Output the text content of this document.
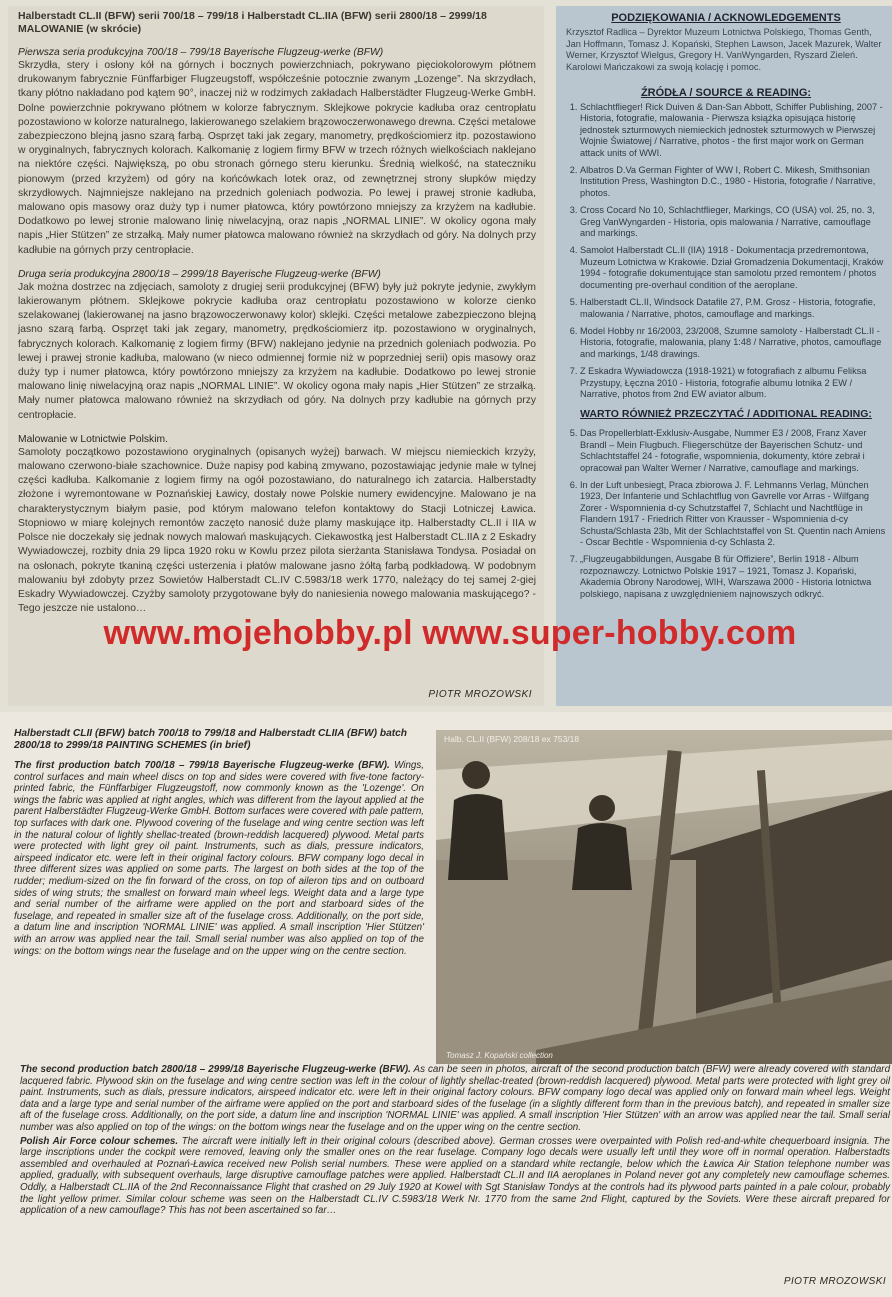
Halberstadt CL.II (BFW) serii 700/18 – 799/18 i Halberstadt CL.IIA (BFW) serii 2800/18 – 2999/18
MALOWANIE (w skrócie)
Pierwsza seria produkcyjna 700/18 – 799/18 Bayerische Flugzeug-werke (BFW)

Skrzydła, stery i osłony kół na górnych i bocznych powierzchniach, pokrywano pięciokolorowym płótnem drukowanym fabrycznie Fünffarbiger Flugzeugstoff, współcześnie potocznie zwanym „Lozenge”. Na skrzydłach, tkany płótno nakładano pod kątem 90°, inaczej niż w rodzimych zakładach Halberstädter Flugzeug-Werke GmbH. Dolne powierzchnie pokrywano płótnem w kolorze fabrycznym. Sklejkowe pokrycie kadłuba oraz centropłatu pozostawiono w kolorze naturalnego, lakierowanego szelakiem brązowoczerwonawego drewna. Części metalowe zabezpieczono blejną jasno szarą farbą. Osprzęt taki jak zegary, manometry, prędkościomierz itp. pozostawiono w oryginalnych, fabrycznych kolorach. Kalkomanię z logiem firmy BFW w trzech różnych wielkościach naklejano na niektóre części. Największą, po obu stronach górnego steru kierunku. Średnią wielkość, na stateczniku pionowym (przed krzyżem) od góry na końcówkach lotek oraz, od zewnętrznej strony słupków między skrzydłowych. Najmniejsze naklejano na przednich goleniach podwozia. Po lewej i prawej stronie kadłuba, malowano opis masowy oraz duży typ i numer płatowca, który powtórzono mniejszy za krzyżem na kadłubie. Dodatkowo po lewej stronie malowano linię niwelacyjną, oraz napis „NORMAL LINIE”. W okolicy ogona mały napis „Hier Stützen” ze strzałką. Mały numer płatowca malowano również na skrzydłach od góry. Na dolnych przy kadłubie na górnych przy centropłacie.

Druga seria produkcyjna 2800/18 – 2999/18 Bayerische Flugzeug-werke (BFW)

Jak można dostrzec na zdjęciach, samoloty z drugiej serii produkcyjnej (BFW) były już pokryte jedynie, zwykłym lakierowanym płótnem. Sklejkowe pokrycie kadłuba oraz centropłatu pozostawiono w kolorze cienko szelakowanej (lakierowanej na jasno brązowoczerwonawy kolor) sklejki. Części metalowe zabezpieczono blejną jasno szarą farbą. Osprzęt taki jak zegary, manometry, prędkościomierz itp. pozostawiono w oryginalnych, fabrycznych kolorach. Kalkomanię z logiem firmy (BFW) naklejano jedynie na przednich goleniach podwozia. Po lewej i prawej stronie kadłuba, malowano (w nieco odmiennej formie niż w poprzedniej serii) opis masowy oraz duży typ i numer płatowca, który powtórzono mniejszy za krzyżem na kadłubie. Dodatkowo po lewej stronie malowano linię niwelacyjną oraz napis „NORMAL LINIE”. W okolicy ogona mały napis „Hier Stützen” ze strzałką. Mały numer płatowca malowano również na skrzydłach od góry. Na dolnych przy kadłubie na górnych przy centropłacie.

Malowanie w Lotnictwie Polskim.

Samoloty początkowo pozostawiono oryginalnych (opisanych wyżej) barwach. W miejscu niemieckich krzyży, malowano czerwono-białe szachownice. Duże napisy pod kabiną zmywano, pozostawiając jedynie małe w tylnej części kadłuba. Kalkomanie z logiem firmy na ogół pozostawiano, do naturalnego ich zatarcia. Halberstadty złożone i wyremontowane w Poznańskiej Ławicy, dostały nowe Polskie numery ewidencyjne. Malowano je na charakterystycznym białym pasie, pod którym malowano telefon kontaktowy do Stacji Lotniczej Ławica. Stopniowo w miarę kolejnych remontów zaczęto nanosić duże plamy maskujące itp. Halberstadty CL.II i IIA w Polsce nie doczekały się jednak nowych malowań maskujących. Ciekawostką jest Halberstadt CL.IIA z 2 Eskadry Wywiadowczej, rozbity dnia 29 lipca 1920 roku w Kowlu przez pilota sierżanta Stanisława Tondysa. Posiadał on na osłonach, pokryte tkaniną części usterzenia i płatów malowane jasno żółtą farbą podkładową. W podobnym malowaniu był zdobyty przez Sowietów Halberstadt CL.IV C.5983/18 werk 1770, należący do tej samej 2-giej Eskadry Wywiadowczej. Czyżby samoloty przygotowane były do naniesienia nowego malowania maskującego? - Tego jeszcze nie ustalono…

PIOTR MROZOWSKI
PODZIĘKOWANIA / ACKNOWLEDGEMENTS
Krzysztof Radlica – Dyrektor Muzeum Lotnictwa Polskiego, Thomas Genth, Jan Hoffmann, Tomasz J. Kopański, Stephen Lawson, Jacek Mazurek, Walter Werner, Krzysztof Wielgus, Gregory H. VanWyngarden, Ryszard Zieleń. Karolowi Mańczakowi za swoją kolację i pomoc.
ŹRÓDŁA / SOURCE & READING:
1. Schlachtflieger! Rick Duiven & Dan-San Abbott, Schiffer Publishing, 2007 - Historia, fotografie, malowania - Pierwsza książka opisująca historię jednostek szturmowych niemieckich jednostek szturmowych w Pierwszej Wojnie Światowej / Narrative, photos - the first major work on German attack units of WWI.
2. Albatros D.Va German Fighter of WW I, Robert C. Mikesh, Smithsonian Institution Press, Washington D.C., 1980 - Historia, fotografie / Narrative, photos.
3. Cross Cocard No 10, Schlachtflieger, Markings, CO (USA) vol. 25, no. 3, Greg VanWyngarden - Historia, opis malowania / Narrative, camouflage and markings.
4. Samolot Halberstadt CL.II (IIA) 1918 - Dokumentacja przedremontowa, Muzeum Lotnictwa w Krakowie. Dział Gromadzenia Dokumentacji, Kraków 1994 - fotografie dokumentujące stan samolotu przed remontem / photos documenting pre-overhaul condition of the aeroplane.
5. Halberstadt CL.II, Windsock Datafile 27, P.M. Grosz - Historia, fotografie, malowania / Narrative, photos, camouflage and markings.
6. Model Hobby nr 16/2003, 23/2008, Szumne samoloty - Halberstadt CL.II - Historia, fotografie, malowania, plany 1:48 / Narrative, photos, camouflage and markings, 1/48 drawings.
7. Z Eskadra Wywiadowcza (1918-1921) w fotografiach z albumu Feliksa Przystupy, Łęczna 2010 - Historia, fotografie albumu lotnika 2 EW / Narrative, photos from 2nd EW aviator album.
WARTO RÓWNIEŻ PRZECZYTAĆ / ADDITIONAL READING:
5. Das Propellerblatt-Exklusiv-Ausgabe, Nummer E3 / 2008, Franz Xaver Brandl – Mein Flugbuch. Fliegerschütze der Bayerischen Schutz- und Schlachtstaffel 24 - fotografie, wspomnienia, dokumenty, które zebrał i opracował pan Walter Werner / Narrative, camouflage and markings.
6. In der Luft unbesiegt, Praca zbiorowa J. F. Lehmanns Verlag, München 1923, Der Infanterie und Schlachtflug von Gavrelle vor Arras - Wilfgang Zorer - Wspomnienia d-cy Schutzstaffel 7, Schlacht und Nachtflüge in Flandern 1917 - Friedrich Ritter von Krausser - Wspomnienia d-cy Schusta/Schlasta 23b, Mit der Schlachtstaffel von St. Quentin nach Amiens - Oscar Bechtle - Wspomnienia d-cy Schlasta 2.
7. „Flugzeugabbildungen, Ausgabe B für Offiziere”, Berlin 1918 - Album rozpoznawczy. Lotnictwo Polskie 1917 – 1921, Tomasz J. Kopański, Akademia Obrony Narodowej, WIH, Warszawa 2000 - Historia lotnictwa polskiego, napisana z uwzględnieniem najnowszych odkryć.
www.mojehobby.pl www.super-hobby.com
Halberstadt CLII (BFW) batch 700/18 to 799/18 and Halberstadt CLIIA (BFW) batch 2800/18 to 2999/18 PAINTING SCHEMES (in brief)

The first production batch 700/18 – 799/18 Bayerische Flugzeug-werke (BFW). Wings, control surfaces and main wheel discs on top and sides were covered with five-tone factory-printed fabric, the Fünffarbiger Flugzeugstoff, now commonly known as the 'Lozenge'. On wings the fabric was applied at right angles, which was different from the layout applied at the parent Halberstädter Flugzeug-Werke GmbH. Bottom surfaces were covered with pale pattern, top surfaces with dark one. Plywood covering of the fuselage and wing centre section was left in the natural colour of lightly shellac-treated (brown-reddish lacquered) plywood. Metal parts were protected with light grey oil paint. Instruments, such as dials, pressure indicators, airspeed indicator etc. were left in their original factory colours. BFW company logo decal in three different sizes was applied on some parts. The largest on both sides at the top of the rudder; medium-sized on the fin forward of the cross, on top of aileron tips and on outboard sides of wing struts; the smallest on forward main wheel legs. Weight data and a large type and serial number of the airframe were applied on the port and starboard sides of the fuselage, and repeated in smaller size aft of the fuselage cross. Additionally, on the port side, a datum line and inscription 'NORMAL LINIE' was applied. A small inscription 'Hier Stützen' with an arrow was applied near the tail. Small serial number was also applied on top of the wings: on the bottom wings near the fuselage and on the upper wing on the centre section.

Halb. CL.II (BFW) 208/18 ex 753/18
Tomasz J. Kopański collection

The second production batch 2800/18 – 2999/18 Bayerische Flugzeug-werke (BFW). As can be seen in photos, aircraft of the second production batch (BFW) were already covered with standard lacquered fabric. Plywood skin on the fuselage and wing centre section was left in the colour of lightly shellac-treated (brown-reddish lacquered) plywood. Metal parts were protected with light grey oil paint. Instruments, such as dials, pressure indicators, airspeed indicator etc. were left in their original factory colours. BFW company logo decal was applied only on forward main wheel legs. Weight data and a large type and serial number of the airframe were applied on the port and starboard sides of the fuselage (in a slightly different form than in the previous batch), and repeated in smaller size aft of the fuselage cross. Additionally, on the port side, a datum line and inscription 'NORMAL LINIE' was applied. A small inscription 'Hier Stützen' with an arrow was applied near the tail. Small serial number was also applied on top of the wings: on the bottom wings near the fuselage and on the upper wing on the centre section.

Polish Air Force colour schemes. The aircraft were initially left in their original colours (described above). German crosses were overpainted with Polish red-and-white chequerboard insignia. The large inscriptions under the cockpit were removed, leaving only the smaller ones on the rear fuselage. Company logo decals were usually left until they wore off in normal operation. Halberstadts assembled and overhauled at Poznań-Ławica received new Polish serial numbers. These were applied on a standard white rectangle, below which the Ławica Air Station telephone number was applied, gradually, with subsequent overhauls, large disruptive camouflage patches were applied. Halberstadt CL.II and IIA aeroplanes in Poland never got any completely new camouflage schemes. Oddly, a Halberstadt CL.IIA of the 2nd Reconnaissance Flight that crashed on 29 July 1920 at Kowel with Sgt Stanisław Tondys at the controls had its plywood parts painted in a pale colour, probably the light yellow primer. Similar colour scheme was seen on the Halberstadt CL.IV C.5983/18 Werk Nr. 1770 from the same 2nd Flight, captured by the Soviets. Were these aircraft prepared for application of a new camouflage? This has not been ascertained so far…

PIOTR MROZOWSKI
